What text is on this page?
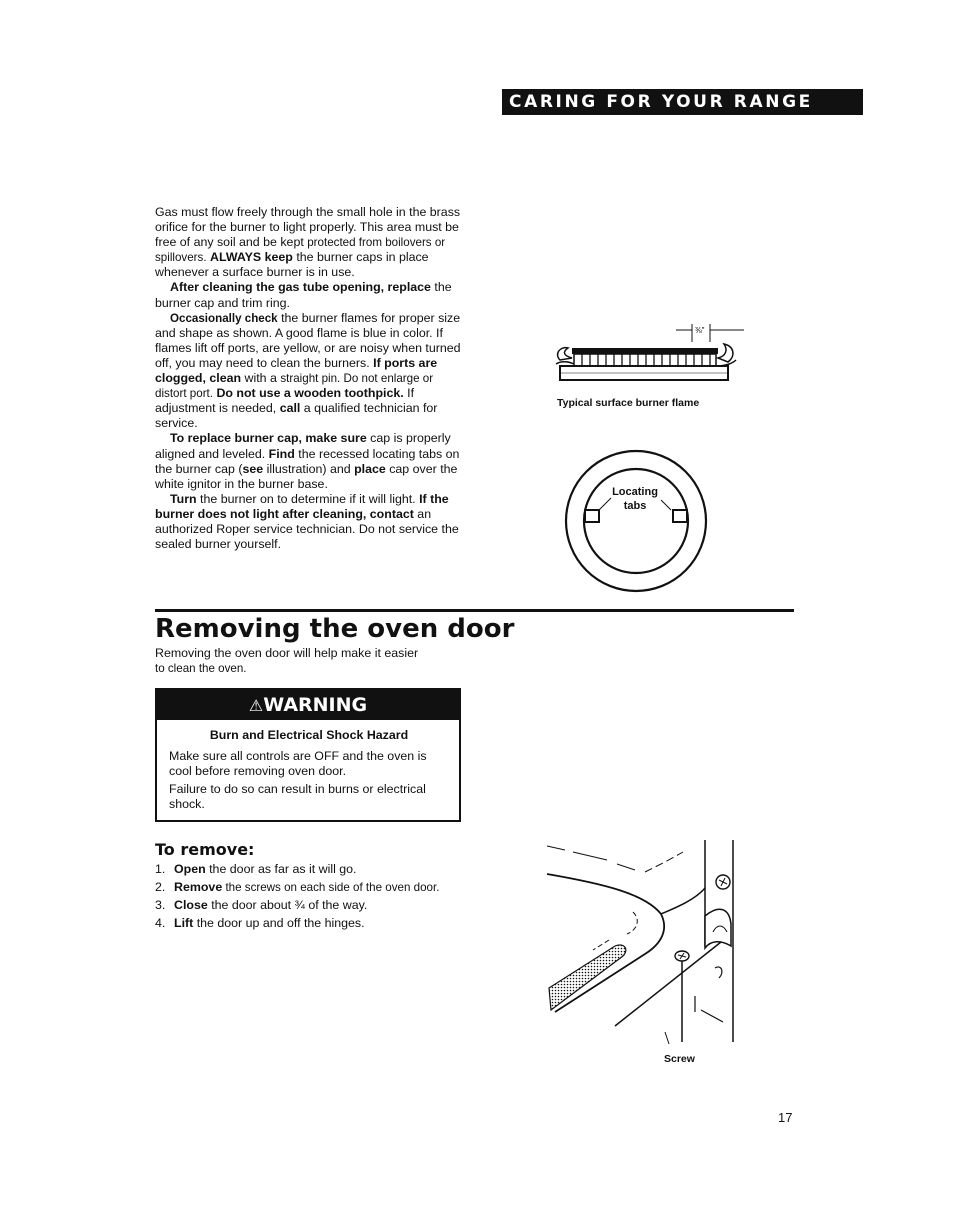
CARING FOR YOUR RANGE

Gas must flow freely through the small hole in the brass orifice for the burner to light properly. This area must be free of any soil and be kept protected from boilovers or spillovers. ALWAYS keep the burner caps in place whenever a surface burner is in use.

After cleaning the gas tube opening, replace the burner cap and trim ring.

Occasionally check the burner flames for proper size and shape as shown. A good flame is blue in color. If flames lift off ports, are yellow, or are noisy when turned off, you may need to clean the burners. If ports are clogged, clean with a straight pin. Do not enlarge or distort port. Do not use a wooden toothpick. If adjustment is needed, call a qualified technician for service.

To replace burner cap, make sure cap is properly aligned and leveled. Find the recessed locating tabs on the burner cap (see illustration) and place cap over the white ignitor in the burner base.

Turn the burner on to determine if it will light. If the burner does not light after cleaning, contact an authorized Roper service technician. Do not service the sealed burner yourself.

⅜"
Typical surface burner flame
Locating
tabs
Removing the oven door

Removing the oven door will help make it easier

to clean the oven.

⚠WARNING

Burn and Electrical Shock Hazard

Make sure all controls are OFF and the oven is cool before removing oven door.

Failure to do so can result in burns or electrical shock.

To remove:
1. Open the door as far as it will go.
2. Remove the screws on each side of the oven door.
3. Close the door about ¾ of the way.
4. Lift the door up and off the hinges.
Screw
17
